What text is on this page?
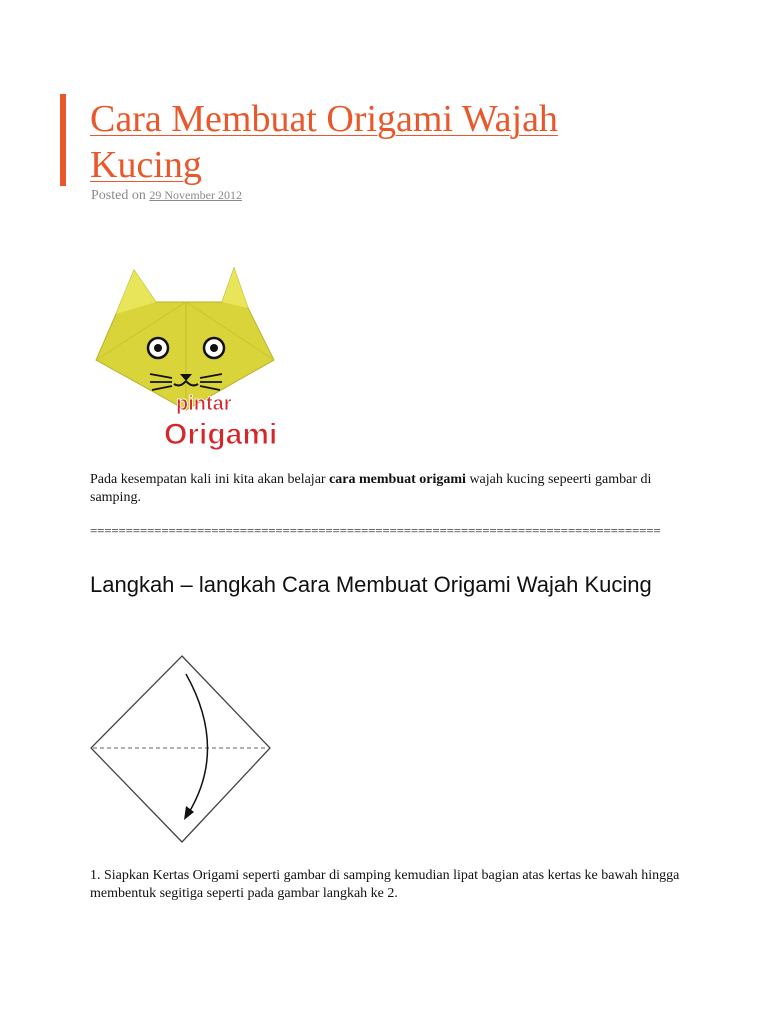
Cara Membuat Origami Wajah Kucing
Posted on 29 November 2012
pintar
Origami

Pada kesempatan kali ini kita akan belajar cara membuat origami wajah kucing sepeerti gambar di samping.

================================================================================

Langkah – langkah Cara Membuat Origami Wajah Kucing

1. Siapkan Kertas Origami seperti gambar di samping kemudian lipat bagian atas kertas ke bawah hingga membentuk segitiga seperti pada gambar langkah ke 2.
